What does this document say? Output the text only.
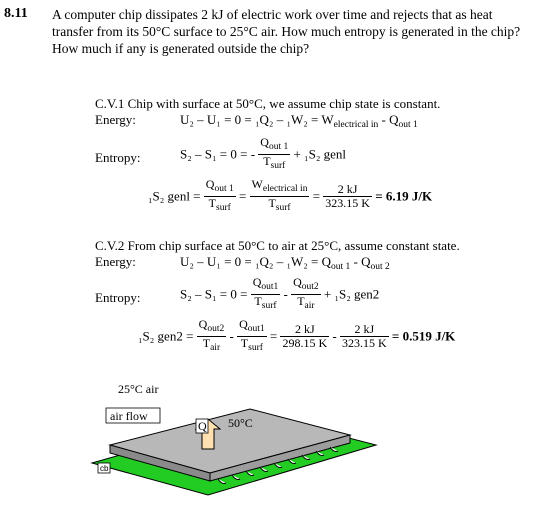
8.11 A computer chip dissipates 2 kJ of electric work over time and rejects that as heat transfer from its 50°C surface to 25°C air. How much entropy is generated in the chip? How much if any is generated outside the chip?
C.V.1 Chip with surface at 50°C, we assume chip state is constant.
Energy:	$U_2 - U_1 = 0 = _1Q_2 - _1W_2 = W_{electrical in} - Q_{out 1}$
Entropy:	S₂ – S₁ = 0 = - $\frac{Q_{out 1}}{T_{surf}} + _1S_2$ genl
₁S₂ genl = $\frac{Q_{out 1}}{T_{surf}} = \frac{W_{electrical in}}{T_{surf}} = \frac{2 kJ}{323.15 K} = 6.19$ J/K
C.V.2 From chip surface at 50°C to air at 25°C, assume constant state.
Energy:	$U_2 - U_1 = 0 = _1Q_2 - _1W_2 = Q_{out 1} - Q_{out 2}$
Entropy:	$S_2 - S_1 = 0 = \frac{Q_{out1}}{T_{surf}} - \frac{Q_{out2}}{T_{air}} + _1S_2$ gen2
₁S₂ $gen2 = \frac{Q_{out2}}{T_{air}} - \frac{Q_{out1}}{T_{surf}} = \frac{2 kJ}{298.15 K} - \frac{2 kJ}{323.15 K} = 0.519$ J/K
25°C air
cb
air flow
Q 50°C
